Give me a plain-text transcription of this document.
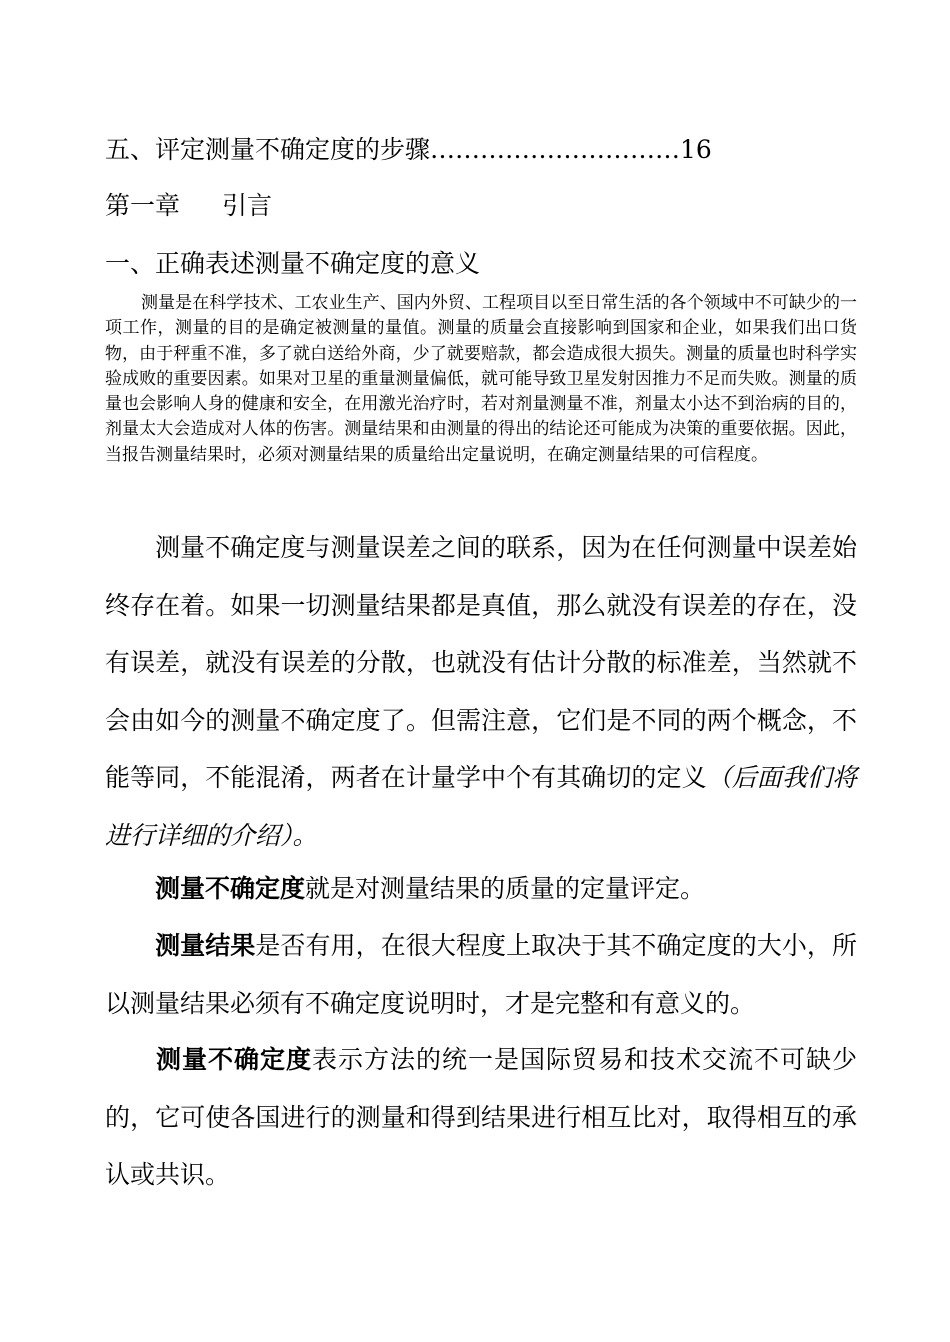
五、评定测量不确定度的步骤…………………………16
第一章 引言
一、正确表述测量不确定度的意义
测量是在科学技术、工农业生产、国内外贸、工程项目以至日常生活的各个领域中不可缺少的一项工作，测量的目的是确定被测量的量值。测量的质量会直接影响到国家和企业，如果我们出口货物，由于秤重不准，多了就白送给外商，少了就要赔款，都会造成很大损失。测量的质量也时科学实验成败的重要因素。如果对卫星的重量测量偏低，就可能导致卫星发射因推力不足而失败。测量的质量也会影响人身的健康和安全，在用激光治疗时，若对剂量测量不准，剂量太小达不到治病的目的，剂量太大会造成对人体的伤害。测量结果和由测量的得出的结论还可能成为决策的重要依据。因此，当报告测量结果时，必须对测量结果的质量给出定量说明，在确定测量结果的可信程度。
测量不确定度与测量误差之间的联系，因为在任何测量中误差始终存在着。如果一切测量结果都是真值，那么就没有误差的存在，没有误差，就没有误差的分散，也就没有估计分散的标准差，当然就不会由如今的测量不确定度了。但需注意，它们是不同的两个概念，不能等同，不能混淆，两者在计量学中个有其确切的定义（后面我们将进行详细的介绍）。
测量不确定度就是对测量结果的质量的定量评定。
测量结果是否有用，在很大程度上取决于其不确定度的大小，所以测量结果必须有不确定度说明时，才是完整和有意义的。
测量不确定度表示方法的统一是国际贸易和技术交流不可缺少的，它可使各国进行的测量和得到结果进行相互比对，取得相互的承认或共识。
